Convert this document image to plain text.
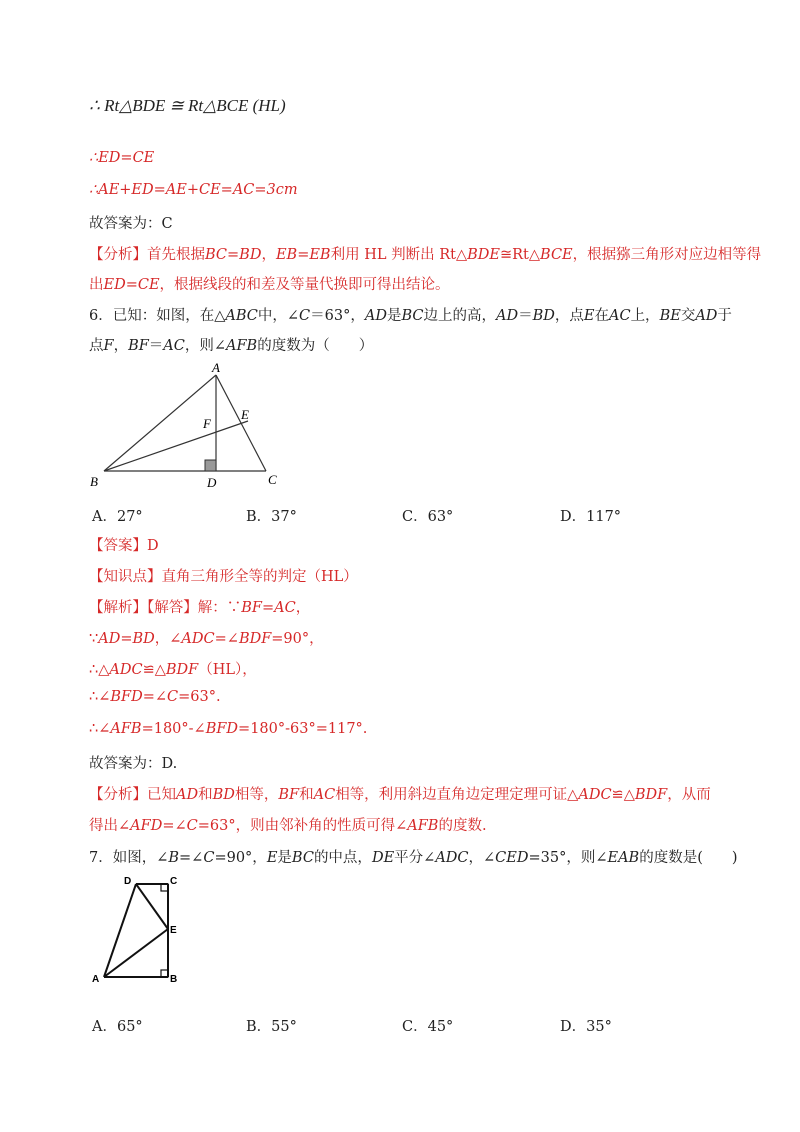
∴ Rt△BDE ≅ Rt△BCE (HL)
∴ED=CE
∴AE+ED=AE+CE=AC=3cm
故答案为：C
【分析】首先根据BC=BD，EB=EB利用 HL 判断出 Rt△BDE≅Rt△BCE，根据猕三角形对应边相等得
出ED=CE，根据线段的和差及等量代换即可得出结论。
6．已知：如图，在△ABC中，∠C＝63°，AD是BC边上的高，AD＝BD，点E在AC上，BE交AD于
点F，BF＝AC，则∠AFB的度数为（　　）
A
B	C
D
E
F
A．27°	B．37°	C．63°	D．117°
【答案】D
【知识点】直角三角形全等的判定（HL）
【解析】【解答】解：∵BF=AC，
∵AD=BD，∠ADC=∠BDF=90°，
∴△ADC≌△BDF（HL），
∴∠BFD=∠C=63°.
∴∠AFB=180°-∠BFD=180°-63°=117°.
故答案为：D.
【分析】已知AD和BD相等，BF和AC相等，利用斜边直角边定理定理可证△ADC≌△BDF，从而
得出∠AFD=∠C=63°，则由邻补角的性质可得∠AFB的度数.
7．如图，∠B=∠C=90°，E是BC的中点，DE平分∠ADC，∠CED=35°，则∠EAB的度数是(　　)
D	C
E
A	B
A．65°	B．55°	C．45°	D．35°
